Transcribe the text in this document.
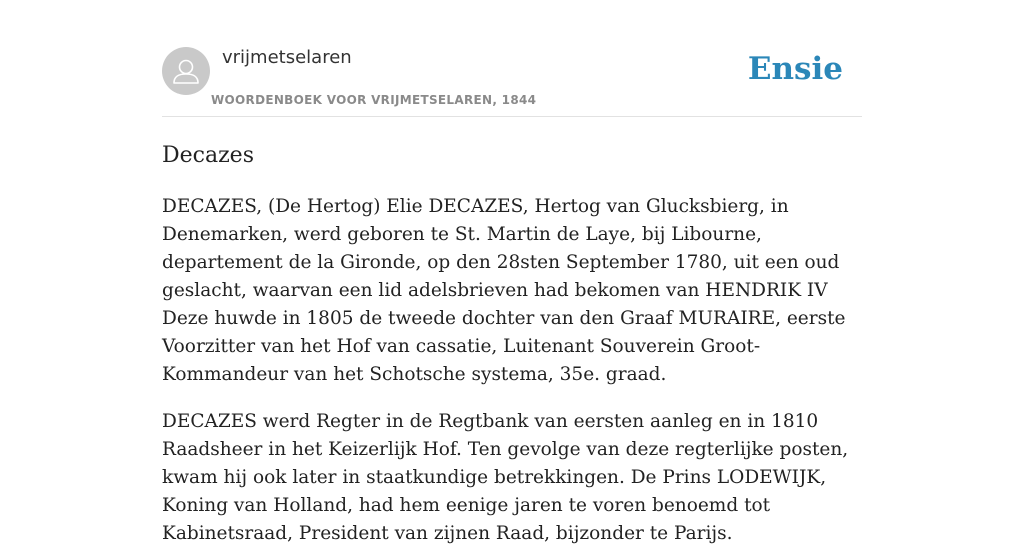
vrijmetselaren
WOORDENBOEK VOOR VRIJMETSELAREN, 1844
Ensie
Decazes

DECAZES, (De Hertog) Elie DECAZES, Hertog van Glucksbierg, in Denemarken, werd geboren te St. Martin de Laye, bij Libourne, departement de la Gironde, op den 28sten September 1780, uit een oud geslacht, waarvan een lid adelsbrieven had bekomen van HENDRIK IV Deze huwde in 1805 de tweede dochter van den Graaf MURAIRE, eerste Voorzitter van het Hof van cassatie, Luitenant Souverein Groot-Kommandeur van het Schotsche systema, 35e. graad.

DECAZES werd Regter in de Regtbank van eersten aanleg en in 1810 Raadsheer in het Keizerlijk Hof. Ten gevolge van deze regterlijke posten, kwam hij ook later in staatkundige betrekkingen. De Prins LODEWIJK, Koning van Holland, had hem eenige jaren te voren benoemd tot Kabinetsraad, President van zijnen Raad, bijzonder te Parijs.
